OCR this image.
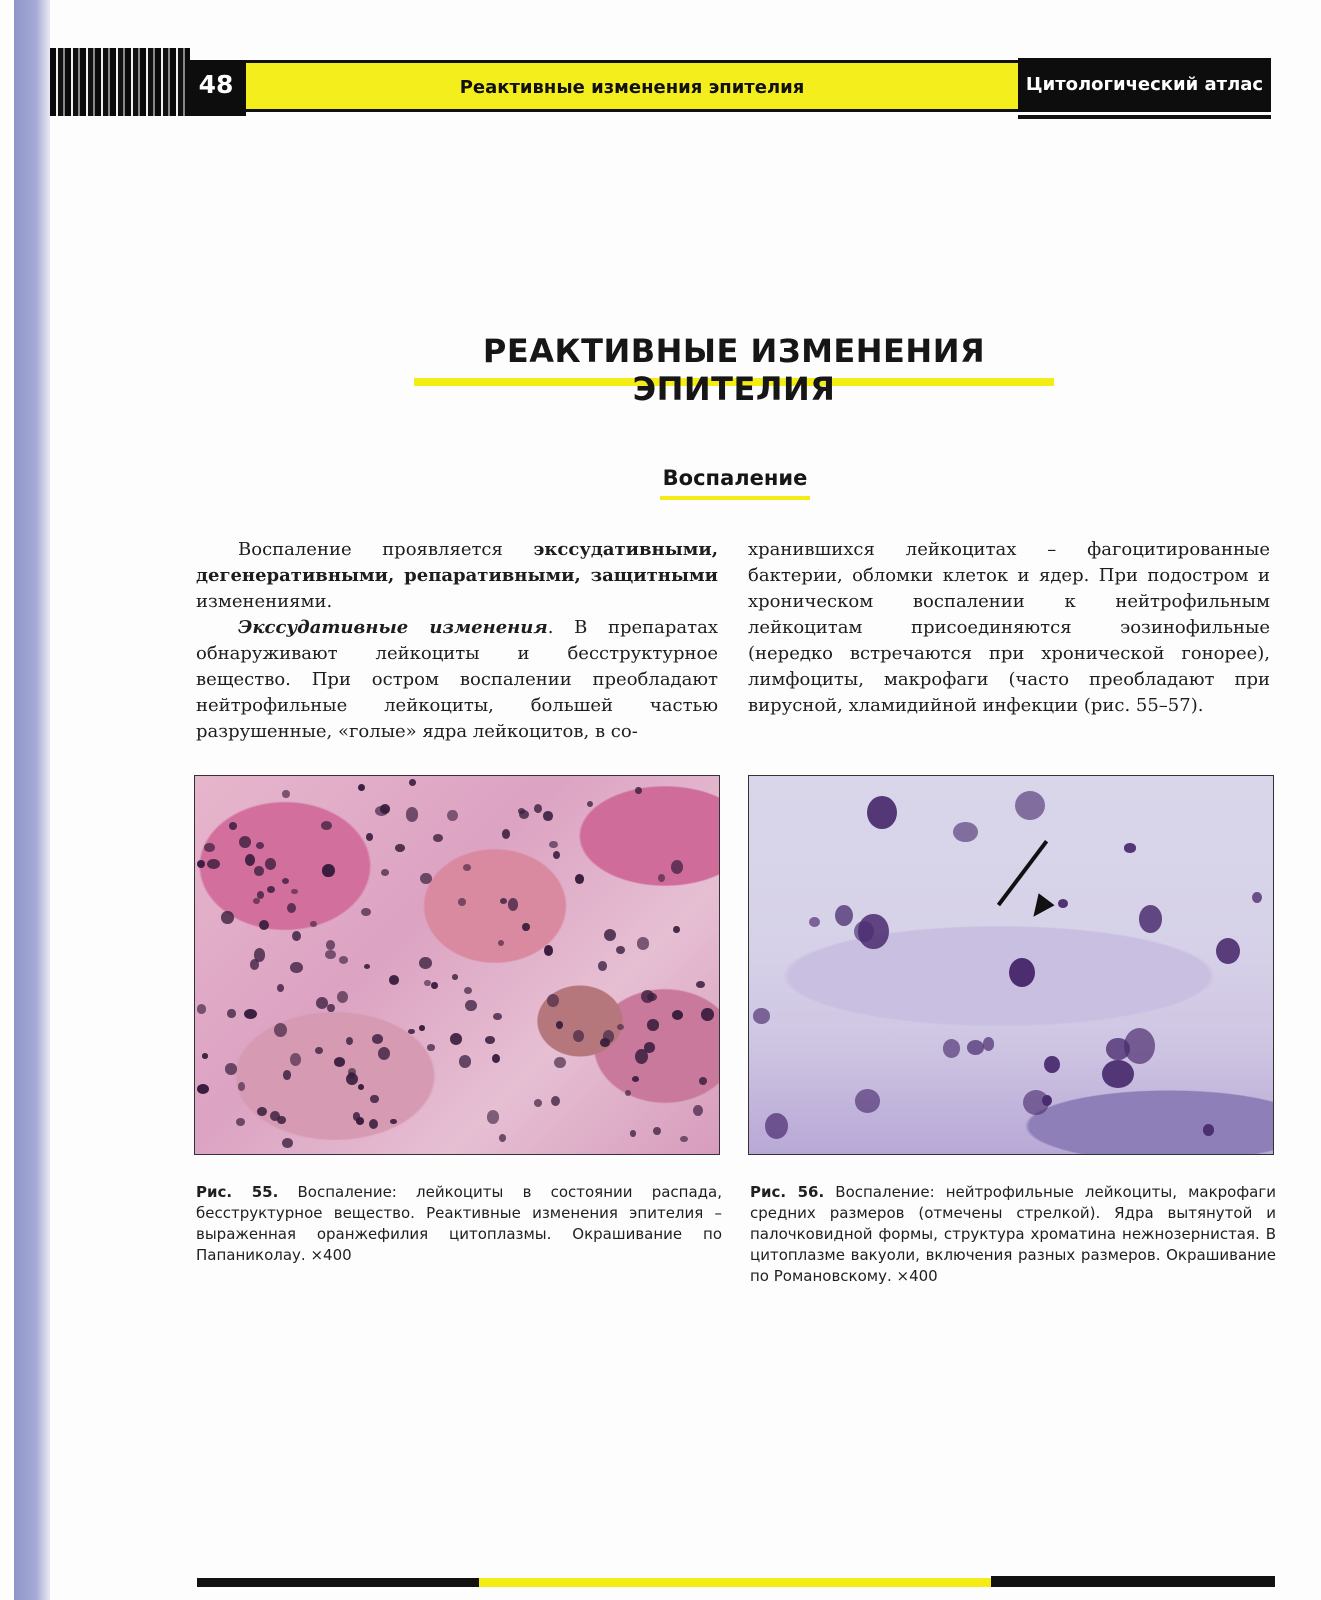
48	Реактивные изменения эпителия	Цитологический атлас
РЕАКТИВНЫЕ ИЗМЕНЕНИЯ ЭПИТЕЛИЯ
Воспаление

Воспаление проявляется экссудативными, дегенеративными, репаративными, защитными изменениями.

Экссудативные изменения. В препаратах обнаруживают лейкоциты и бесструктурное вещество. При остром воспалении преобладают нейтрофильные лейкоциты, большей частью разрушенные, «голые» ядра лейкоцитов, в со-

хранившихся лейкоцитах – фагоцитированные бактерии, обломки клеток и ядер. При подостром и хроническом воспалении к нейтрофильным лейкоцитам присоединяются эозинофильные (нередко встречаются при хронической гонорее), лимфоциты, макрофаги (часто преобладают при вирусной, хламидийной инфекции (рис. 55–57).

Рис. 55. Воспаление: лейкоциты в состоянии распада, бесструктурное вещество. Реактивные изменения эпителия – выраженная оранжефилия цитоплазмы. Окрашивание по Папаниколау. ×400

Рис. 56. Воспаление: нейтрофильные лейкоциты, макрофаги средних размеров (отмечены стрелкой). Ядра вытянутой и палочковидной формы, структура хроматина нежнозернистая. В цитоплазме вакуоли, включения разных размеров. Окрашивание по Романовскому. ×400
